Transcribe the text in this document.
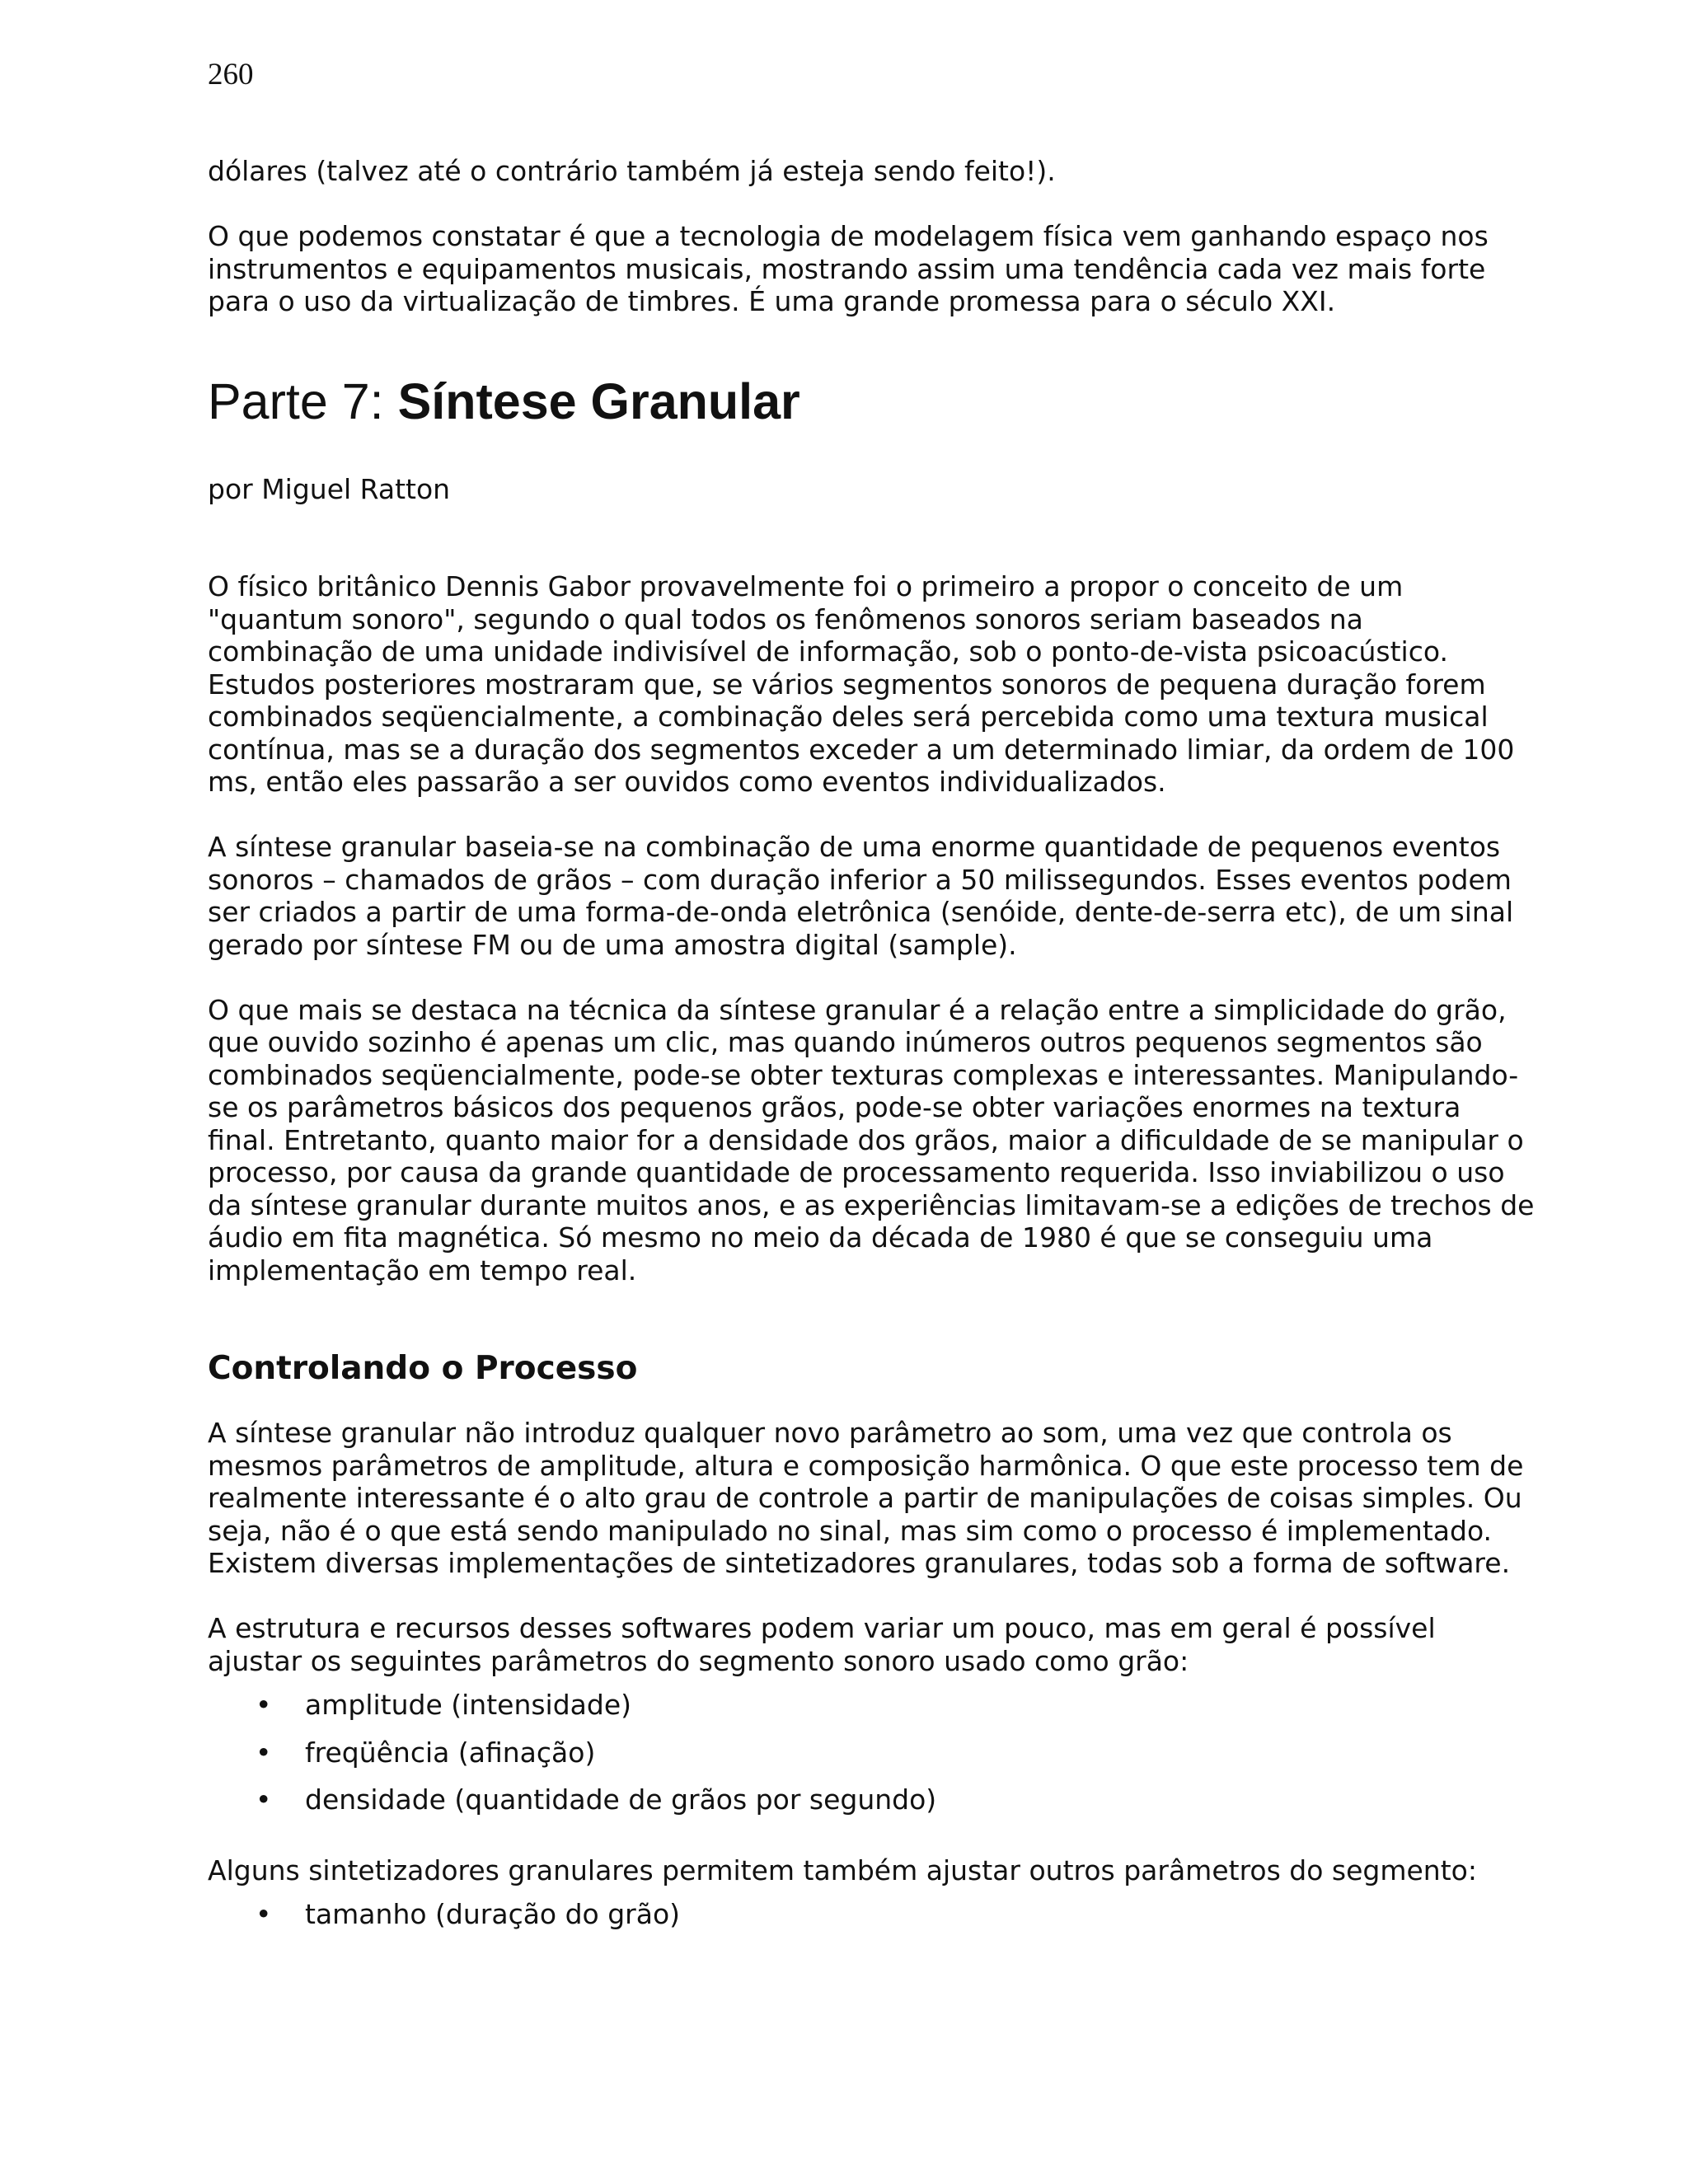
260

dólares (talvez até o contrário também já esteja sendo feito!).

O que podemos constatar é que a tecnologia de modelagem física vem ganhando espaço nos instrumentos e equipamentos musicais, mostrando assim uma tendência cada vez mais forte para o uso da virtualização de timbres. É uma grande promessa para o século XXI.

Parte 7: Síntese Granular

por Miguel Ratton

O físico britânico Dennis Gabor provavelmente foi o primeiro a propor o conceito de um "quantum sonoro", segundo o qual todos os fenômenos sonoros seriam baseados na combinação de uma unidade indivisível de informação, sob o ponto-de-vista psicoacústico. Estudos posteriores mostraram que, se vários segmentos sonoros de pequena duração forem combinados seqüencialmente, a combinação deles será percebida como uma textura musical contínua, mas se a duração dos segmentos exceder a um determinado limiar, da ordem de 100 ms, então eles passarão a ser ouvidos como eventos individualizados.

A síntese granular baseia-se na combinação de uma enorme quantidade de pequenos eventos sonoros – chamados de grãos – com duração inferior a 50 milissegundos. Esses eventos podem ser criados a partir de uma forma-de-onda eletrônica (senóide, dente-de-serra etc), de um sinal gerado por síntese FM ou de uma amostra digital (sample).

O que mais se destaca na técnica da síntese granular é a relação entre a simplicidade do grão, que ouvido sozinho é apenas um clic, mas quando inúmeros outros pequenos segmentos são combinados seqüencialmente, pode-se obter texturas complexas e interessantes. Manipulando-se os parâmetros básicos dos pequenos grãos, pode-se obter variações enormes na textura final. Entretanto, quanto maior for a densidade dos grãos, maior a dificuldade de se manipular o processo, por causa da grande quantidade de processamento requerida. Isso inviabilizou o uso da síntese granular durante muitos anos, e as experiências limitavam-se a edições de trechos de áudio em fita magnética. Só mesmo no meio da década de 1980 é que se conseguiu uma implementação em tempo real.

Controlando o Processo

A síntese granular não introduz qualquer novo parâmetro ao som, uma vez que controla os mesmos parâmetros de amplitude, altura e composição harmônica. O que este processo tem de realmente interessante é o alto grau de controle a partir de manipulações de coisas simples. Ou seja, não é o que está sendo manipulado no sinal, mas sim como o processo é implementado. Existem diversas implementações de sintetizadores granulares, todas sob a forma de software.

A estrutura e recursos desses softwares podem variar um pouco, mas em geral é possível ajustar os seguintes parâmetros do segmento sonoro usado como grão:

• amplitude (intensidade)
• freqüência (afinação)
• densidade (quantidade de grãos por segundo)

Alguns sintetizadores granulares permitem também ajustar outros parâmetros do segmento:

• tamanho (duração do grão)
